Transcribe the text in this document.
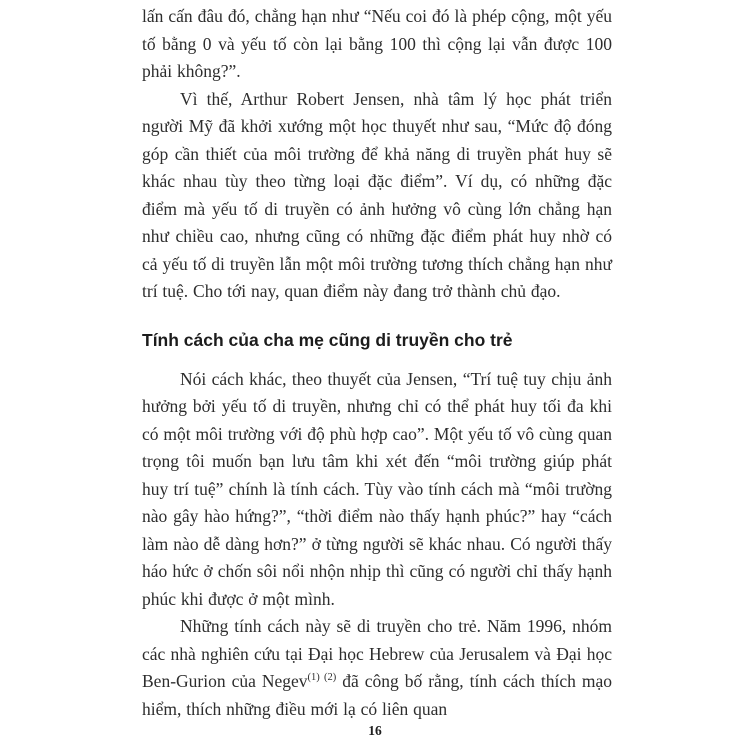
lấn cấn đâu đó, chẳng hạn như “Nếu coi đó là phép cộng, một yếu tố bằng 0 và yếu tố còn lại bằng 100 thì cộng lại vẫn được 100 phải không?”.

Vì thế, Arthur Robert Jensen, nhà tâm lý học phát triển người Mỹ đã khởi xướng một học thuyết như sau, “Mức độ đóng góp cần thiết của môi trường để khả năng di truyền phát huy sẽ khác nhau tùy theo từng loại đặc điểm”. Ví dụ, có những đặc điểm mà yếu tố di truyền có ảnh hưởng vô cùng lớn chẳng hạn như chiều cao, nhưng cũng có những đặc điểm phát huy nhờ có cả yếu tố di truyền lẫn một môi trường tương thích chẳng hạn như trí tuệ. Cho tới nay, quan điểm này đang trở thành chủ đạo.

Tính cách của cha mẹ cũng di truyền cho trẻ

Nói cách khác, theo thuyết của Jensen, “Trí tuệ tuy chịu ảnh hưởng bởi yếu tố di truyền, nhưng chỉ có thể phát huy tối đa khi có một môi trường với độ phù hợp cao”. Một yếu tố vô cùng quan trọng tôi muốn bạn lưu tâm khi xét đến “môi trường giúp phát huy trí tuệ” chính là tính cách. Tùy vào tính cách mà “môi trường nào gây hào hứng?”, “thời điểm nào thấy hạnh phúc?” hay “cách làm nào dễ dàng hơn?” ở từng người sẽ khác nhau. Có người thấy háo hức ở chốn sôi nổi nhộn nhịp thì cũng có người chỉ thấy hạnh phúc khi được ở một mình.

Những tính cách này sẽ di truyền cho trẻ. Năm 1996, nhóm các nhà nghiên cứu tại Đại học Hebrew của Jerusalem và Đại học Ben-Gurion của Negev$^{(1) (2)}$ đã công bố rằng, tính cách thích mạo hiểm, thích những điều mới lạ có liên quan

16
